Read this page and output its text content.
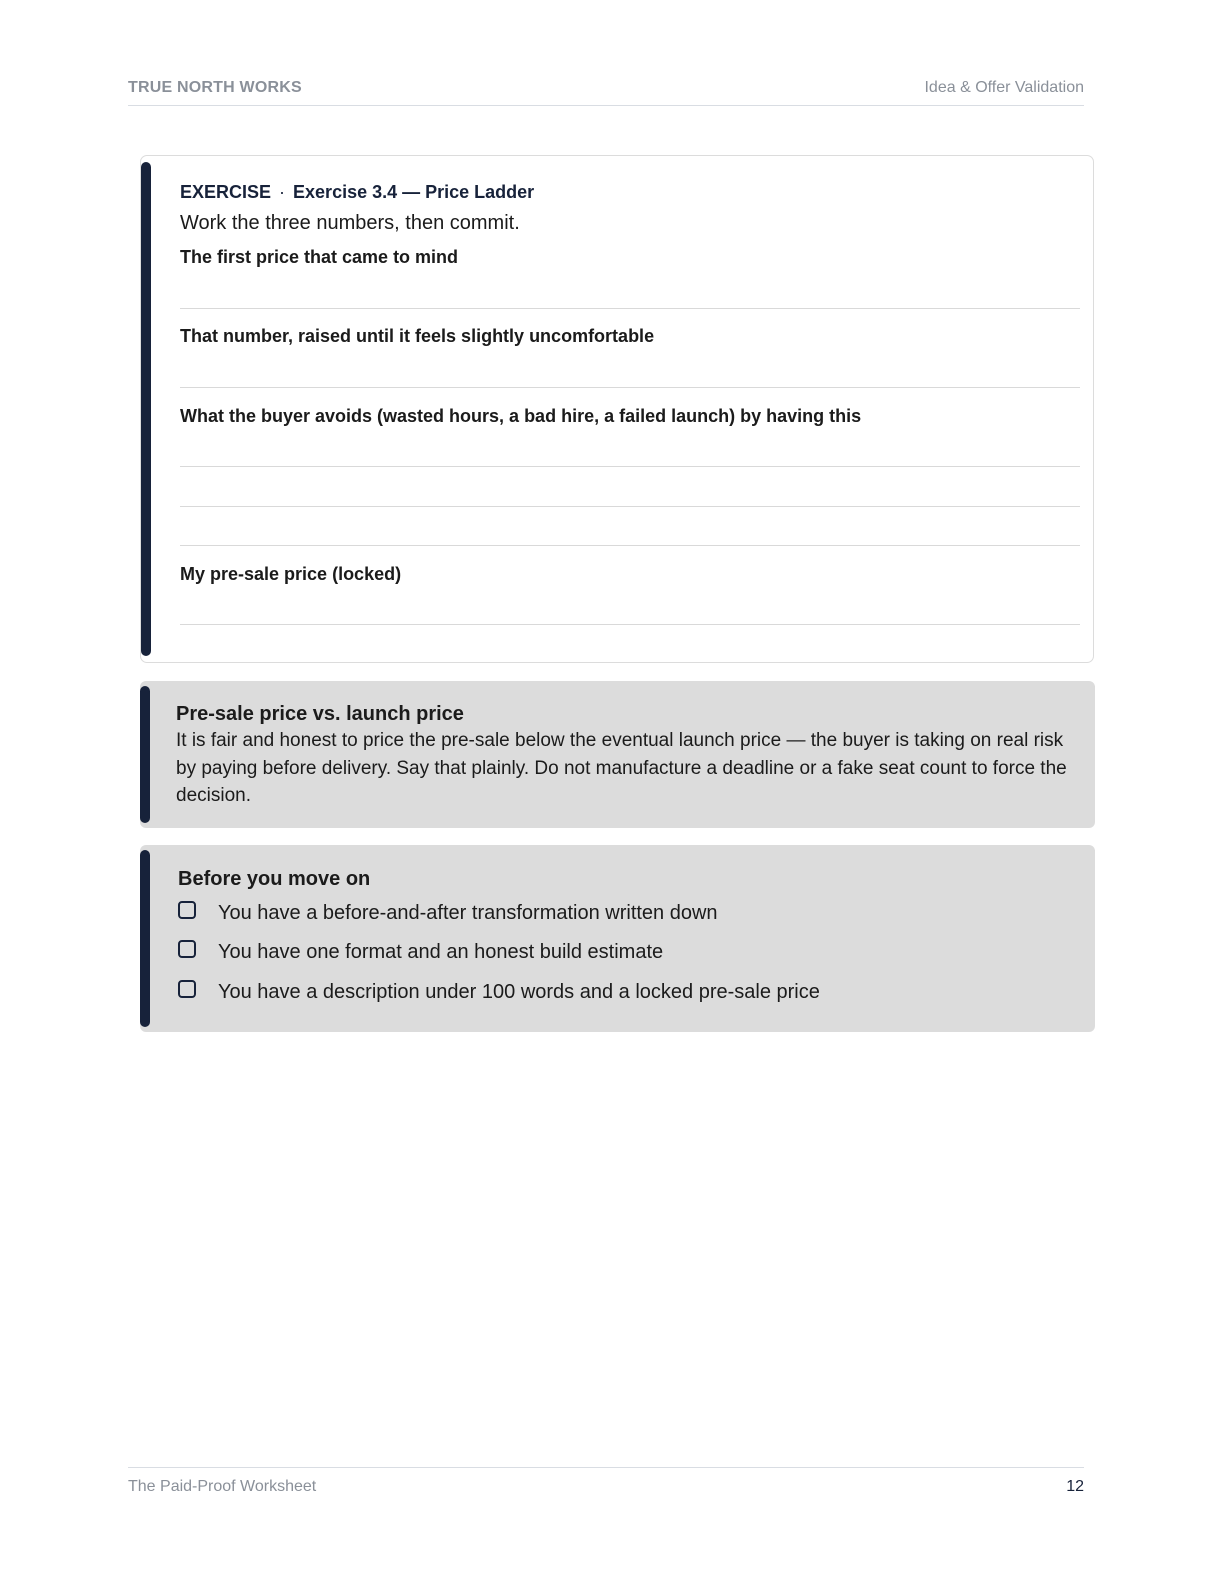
TRUE NORTH WORKS	Idea & Offer Validation
EXERCISE · Exercise 3.4 — Price Ladder
Work the three numbers, then commit.
The first price that came to mind
That number, raised until it feels slightly uncomfortable
What the buyer avoids (wasted hours, a bad hire, a failed launch) by having this
My pre-sale price (locked)
Pre-sale price vs. launch price
It is fair and honest to price the pre-sale below the eventual launch price — the buyer is taking on real risk by paying before delivery. Say that plainly. Do not manufacture a deadline or a fake seat count to force the decision.
Before you move on
You have a before-and-after transformation written down
You have one format and an honest build estimate
You have a description under 100 words and a locked pre-sale price
The Paid-Proof Worksheet	12
